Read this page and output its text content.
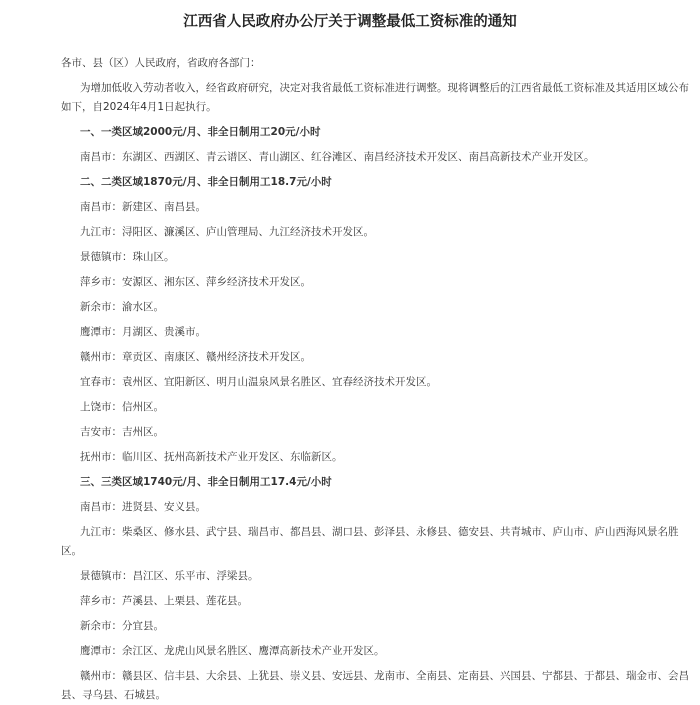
江西省人民政府办公厅关于调整最低工资标准的通知
各市、县（区）人民政府，省政府各部门：
为增加低收入劳动者收入，经省政府研究，决定对我省最低工资标准进行调整。现将调整后的江西省最低工资标准及其适用区域公布
如下，自2024年4月1日起执行。
一、一类区域2000元/月、非全日制用工20元/小时
南昌市：东湖区、西湖区、青云谱区、青山湖区、红谷滩区、南昌经济技术开发区、南昌高新技术产业开发区。
二、二类区域1870元/月、非全日制用工18.7元/小时
南昌市：新建区、南昌县。
九江市：浔阳区、濂溪区、庐山管理局、九江经济技术开发区。
景德镇市：珠山区。
萍乡市：安源区、湘东区、萍乡经济技术开发区。
新余市：渝水区。
鹰潭市：月湖区、贵溪市。
赣州市：章贡区、南康区、赣州经济技术开发区。
宜春市：袁州区、宜阳新区、明月山温泉风景名胜区、宜春经济技术开发区。
上饶市：信州区。
吉安市：吉州区。
抚州市：临川区、抚州高新技术产业开发区、东临新区。
三、三类区域1740元/月、非全日制用工17.4元/小时
南昌市：进贤县、安义县。
九江市：柴桑区、修水县、武宁县、瑞昌市、都昌县、湖口县、彭泽县、永修县、德安县、共青城市、庐山市、庐山西海风景名胜
区。
景德镇市：昌江区、乐平市、浮梁县。
萍乡市：芦溪县、上栗县、莲花县。
新余市：分宜县。
鹰潭市：余江区、龙虎山风景名胜区、鹰潭高新技术产业开发区。
赣州市：赣县区、信丰县、大余县、上犹县、崇义县、安远县、龙南市、全南县、定南县、兴国县、宁都县、于都县、瑞金市、会昌
县、寻乌县、石城县。
